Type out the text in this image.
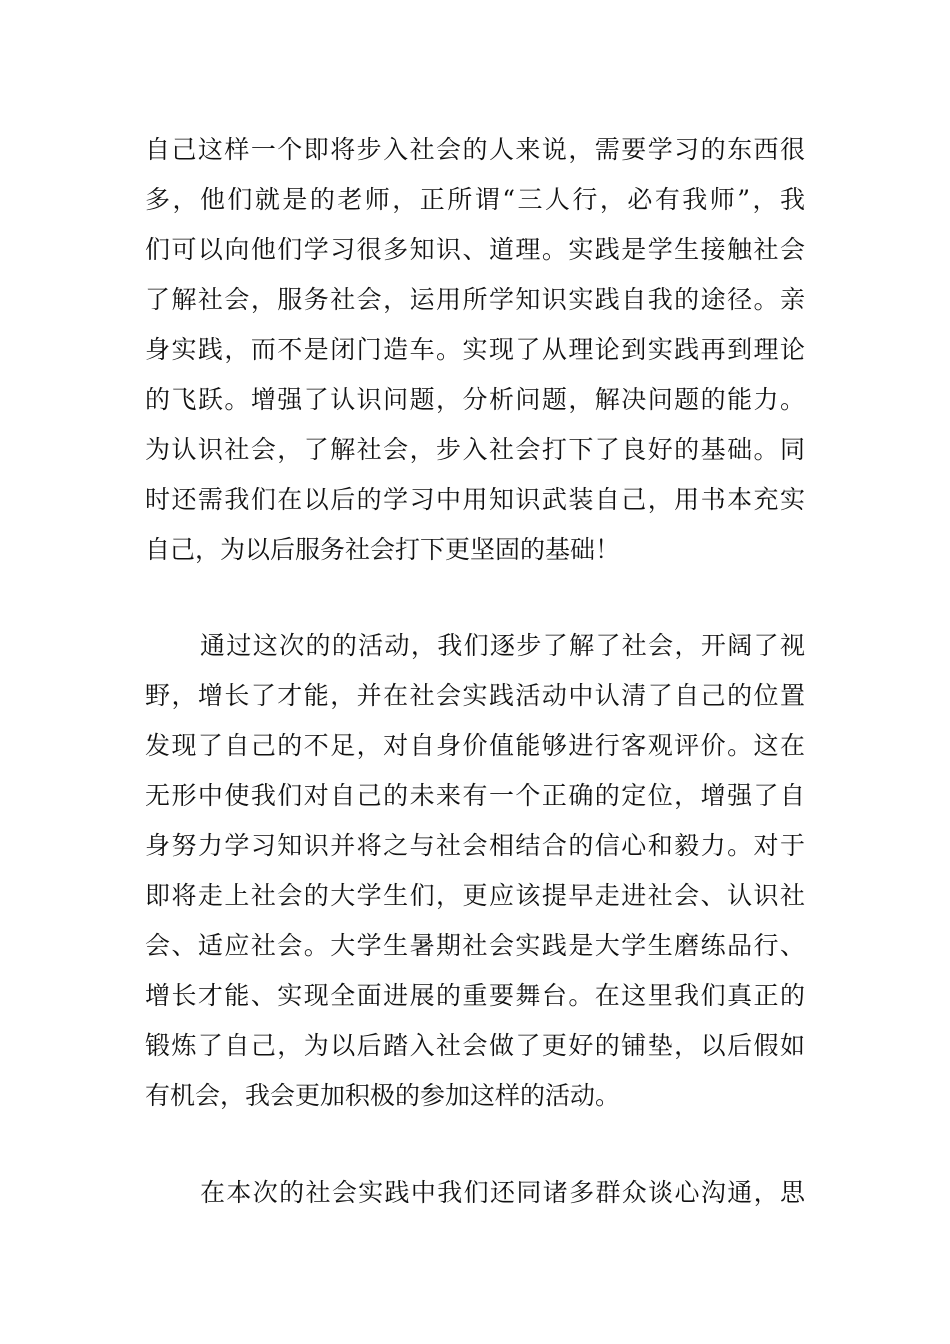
自己这样一个即将步入社会的人来说，需要学习的东西很
多，他们就是的老师，正所谓“三人行，必有我师”，我
们可以向他们学习很多知识、道理。实践是学生接触社会
了解社会，服务社会，运用所学知识实践自我的途径。亲
身实践，而不是闭门造车。实现了从理论到实践再到理论
的飞跃。增强了认识问题，分析问题，解决问题的能力。
为认识社会，了解社会，步入社会打下了良好的基础。同
时还需我们在以后的学习中用知识武装自己，用书本充实
自己，为以后服务社会打下更坚固的基础！
通过这次的的活动，我们逐步了解了社会，开阔了视
野，增长了才能，并在社会实践活动中认清了自己的位置
发现了自己的不足，对自身价值能够进行客观评价。这在
无形中使我们对自己的未来有一个正确的定位，增强了自
身努力学习知识并将之与社会相结合的信心和毅力。对于
即将走上社会的大学生们，更应该提早走进社会、认识社
会、适应社会。大学生暑期社会实践是大学生磨练品行、
增长才能、实现全面进展的重要舞台。在这里我们真正的
锻炼了自己，为以后踏入社会做了更好的铺垫，以后假如
有机会，我会更加积极的参加这样的活动。
在本次的社会实践中我们还同诸多群众谈心沟通，思
